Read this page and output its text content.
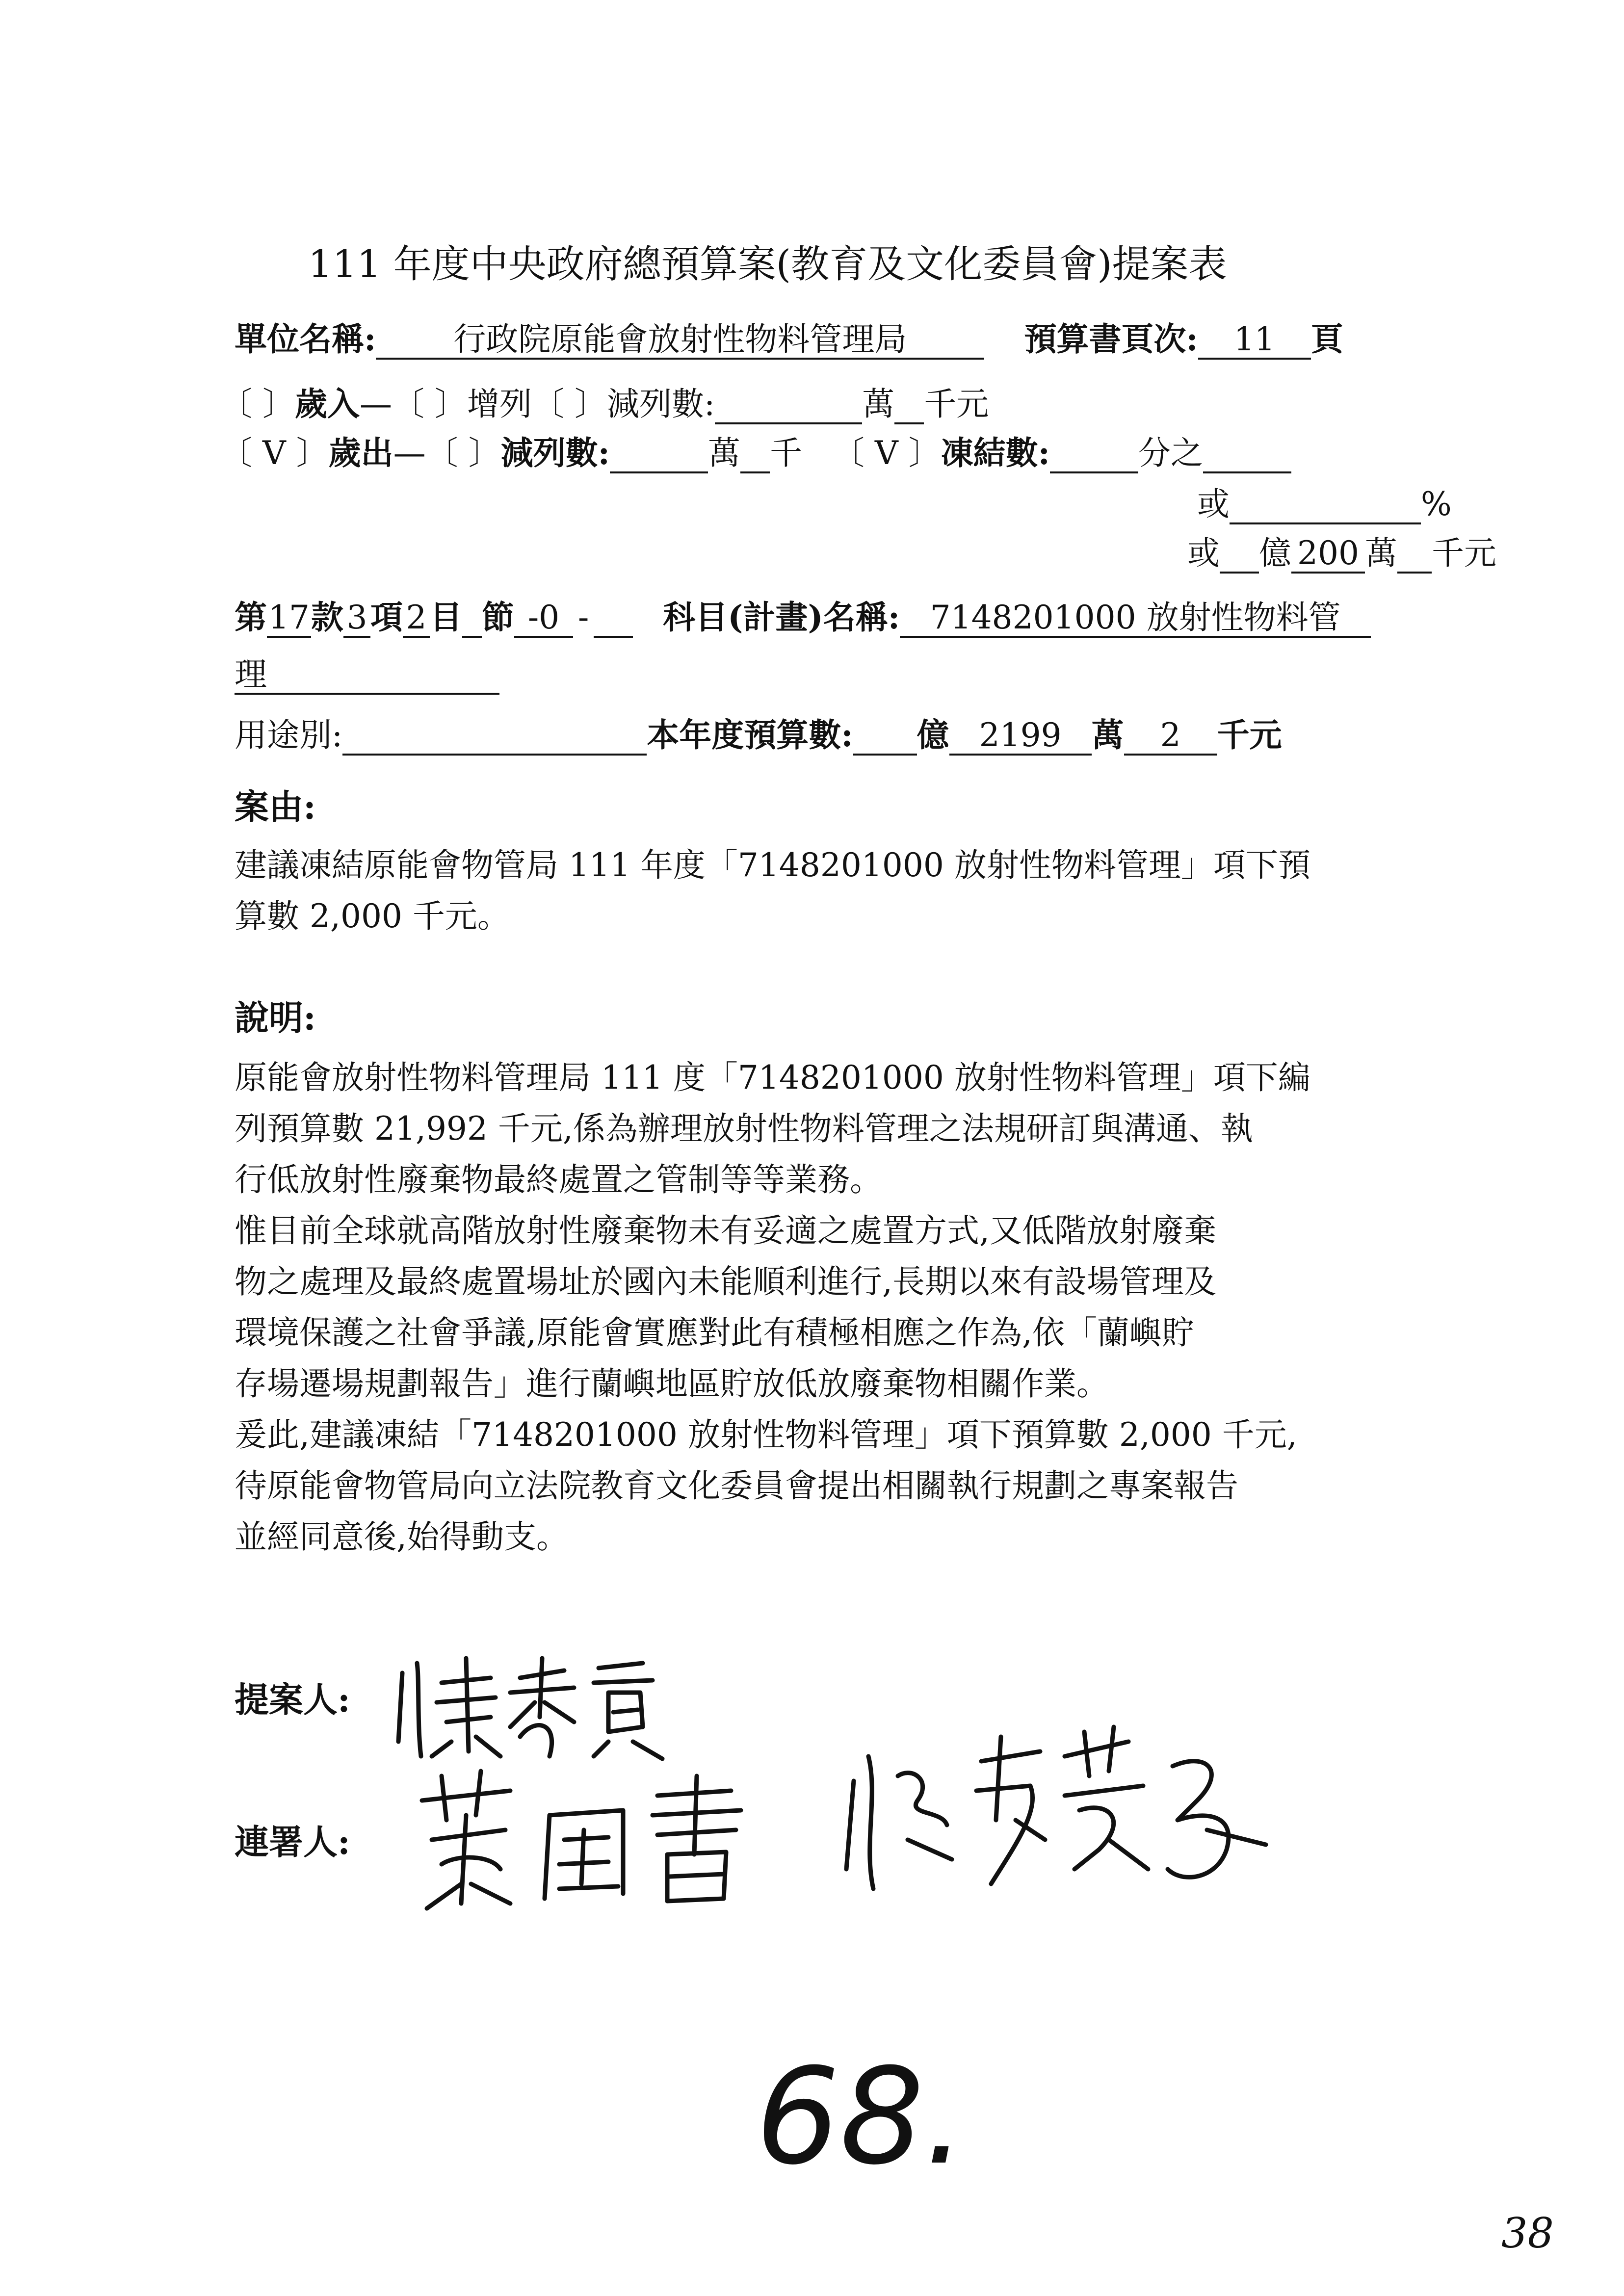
111 年度中央政府總預算案(教育及文化委員會)提案表
單位名稱: 行政院原能會放射性物料管理局	預算書頁次: 11 頁
〔 〕歲入—〔 〕增列〔 〕減列數:	萬 千元
〔 V 〕歲出—〔 〕減列數:	萬 千 〔 V 〕凍結數:	分之
或	%
或 億 200 萬 千元
第17款3項2目 節 -0 - 科目(計畫)名稱: 7148201000 放射性物料管
理
用途別:	本年度預算數: 億 2199 萬 2 千元
案由:

建議凍結原能會物管局 111 年度「7148201000 放射性物料管理」項下預

算數 2,000 千元。

說明:

原能會放射性物料管理局 111 度「7148201000 放射性物料管理」項下編

列預算數 21,992 千元,係為辦理放射性物料管理之法規研訂與溝通、執

行低放射性廢棄物最終處置之管制等等業務。

惟目前全球就高階放射性廢棄物未有妥適之處置方式,又低階放射廢棄

物之處理及最終處置場址於國內未能順利進行,長期以來有設場管理及

環境保護之社會爭議,原能會實應對此有積極相應之作為,依「蘭嶼貯

存場遷場規劃報告」進行蘭嶼地區貯放低放廢棄物相關作業。

爰此,建議凍結「7148201000 放射性物料管理」項下預算數 2,000 千元,

待原能會物管局向立法院教育文化委員會提出相關執行規劃之專案報告

並經同意後,始得動支。

提案人:
連署人:
68.
38
